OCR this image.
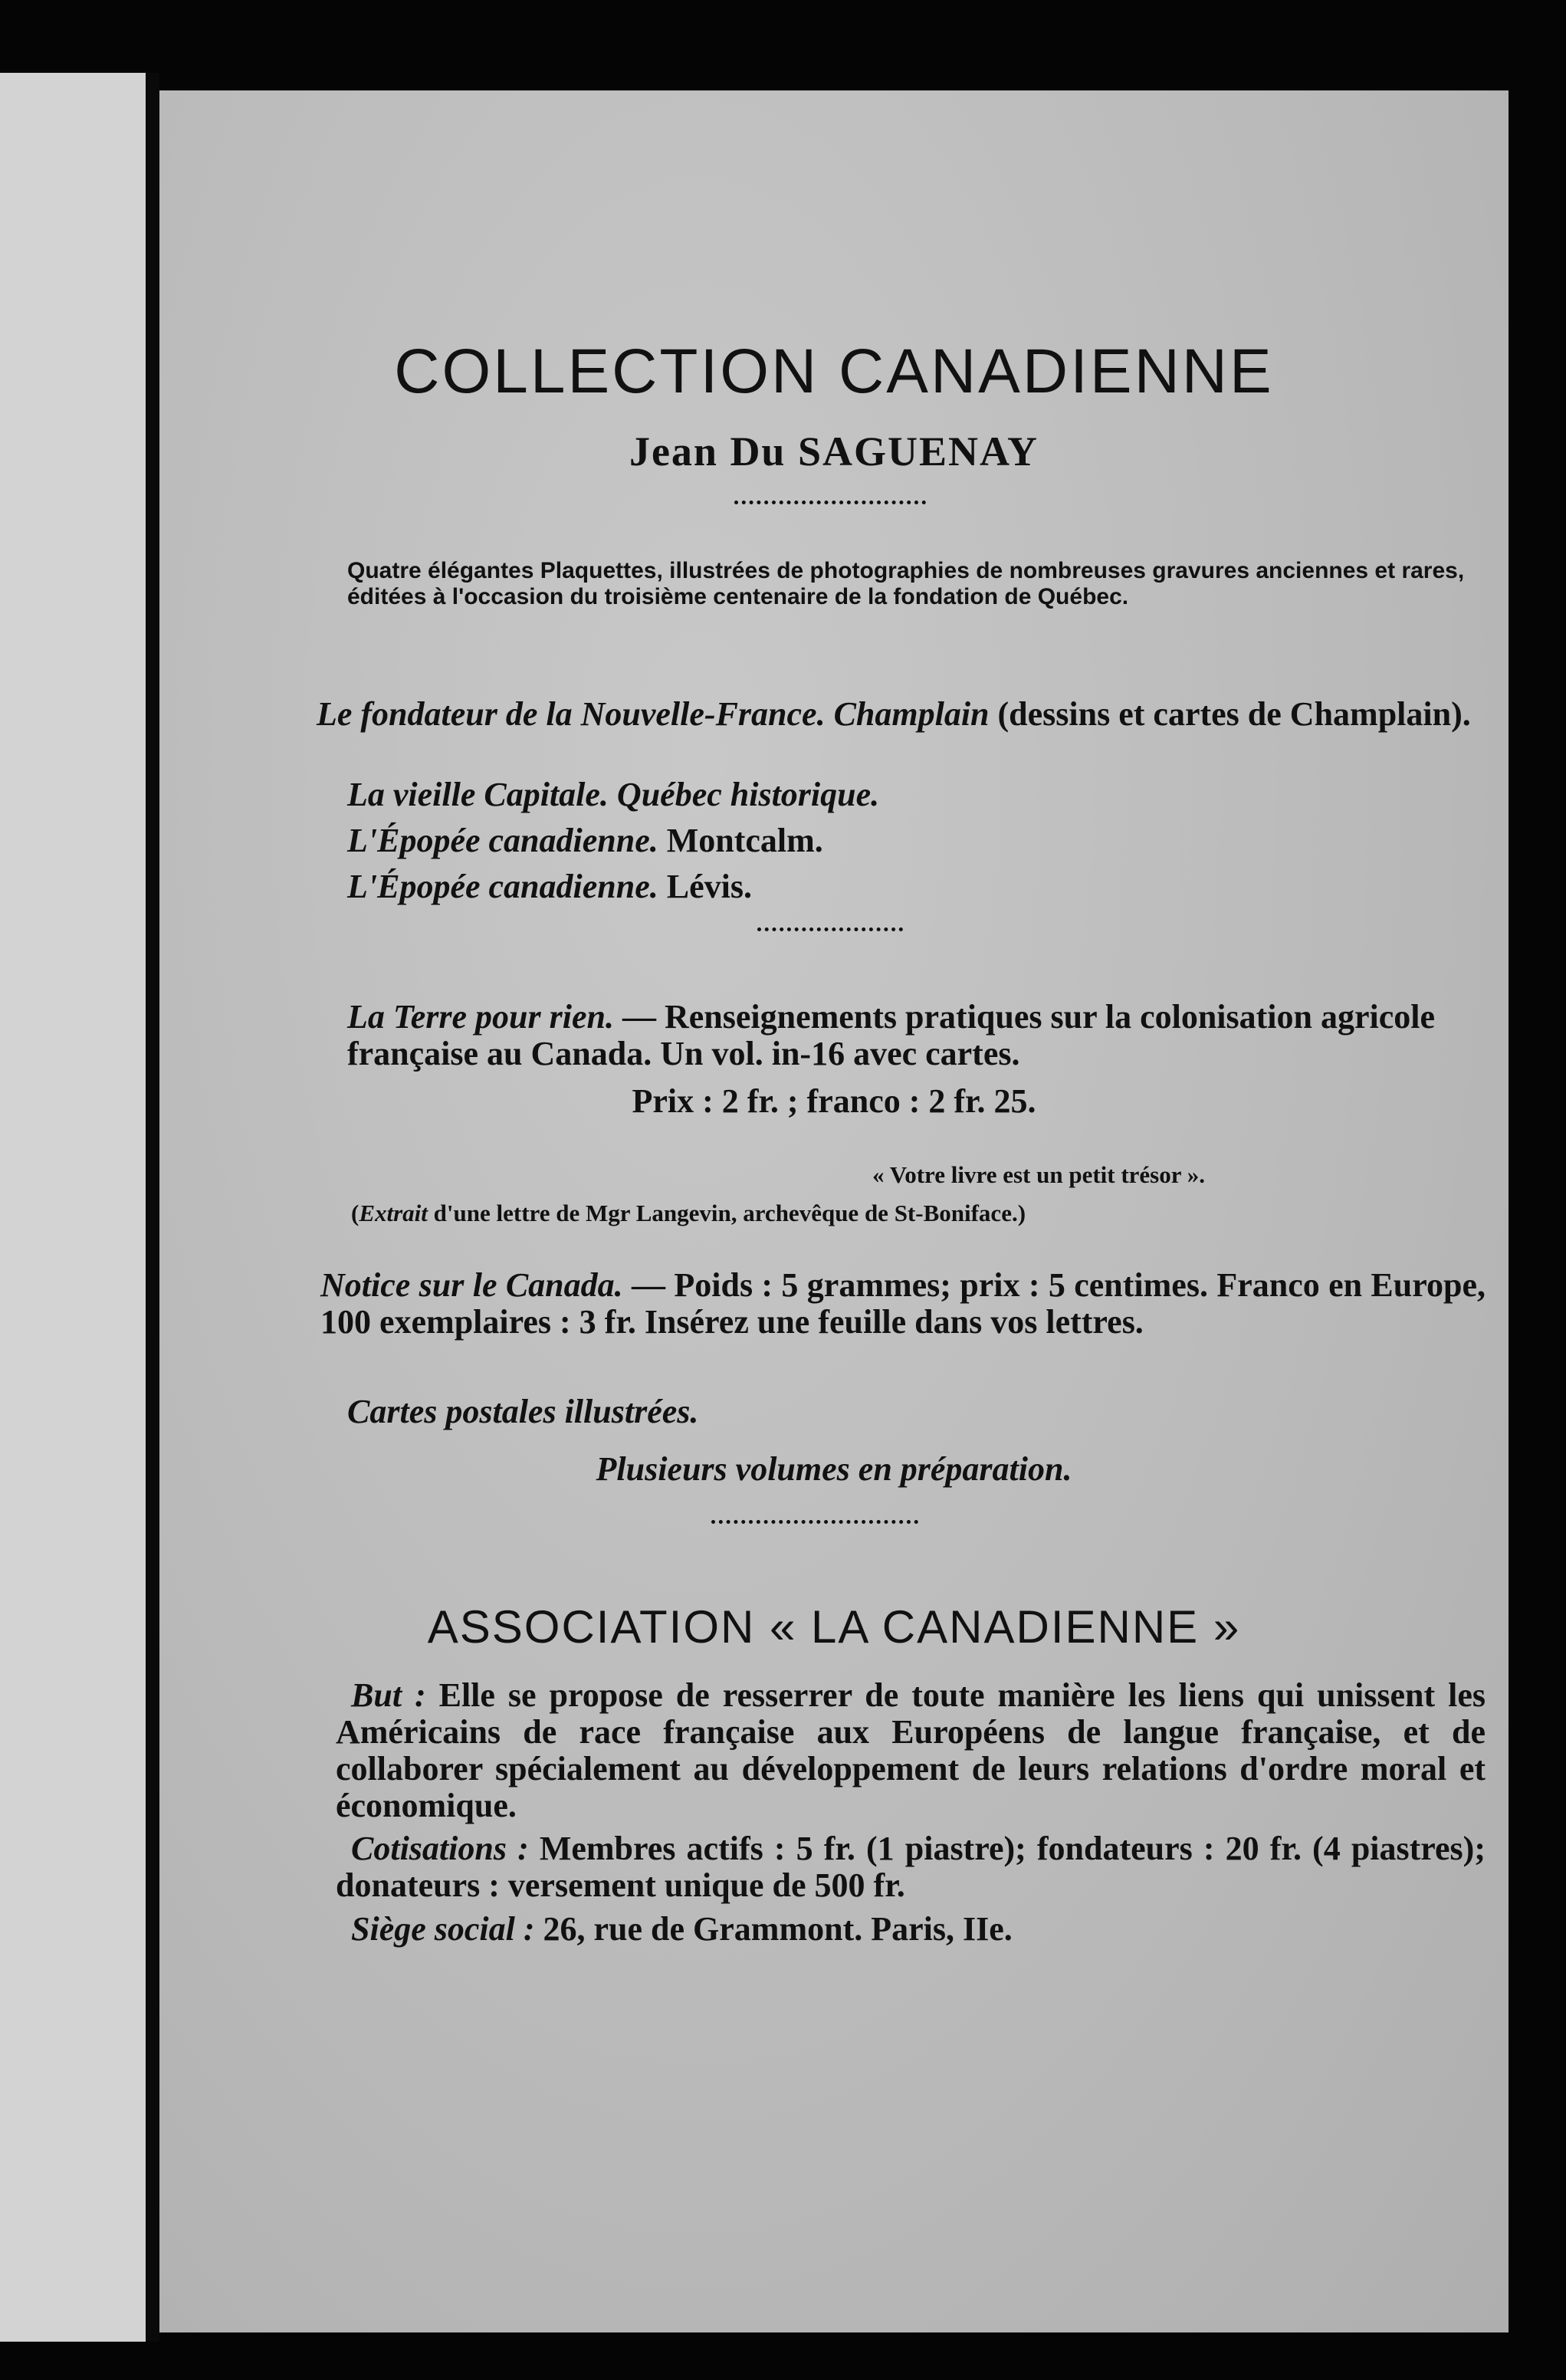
COLLECTION CANADIENNE
Jean Du SAGUENAY
Quatre élégantes Plaquettes, illustrées de photographies de nombreuses gravures anciennes et rares, éditées à l'occasion du troisième centenaire de la fondation de Québec.
Le fondateur de la Nouvelle-France. Champlain (dessins et cartes de Champlain).
La vieille Capitale. Québec historique.
L'Épopée canadienne. Montcalm.
L'Épopée canadienne. Lévis.
La Terre pour rien. — Renseignements pratiques sur la colonisation agricole française au Canada. Un vol. in-16 avec cartes.
Prix : 2 fr. ; franco : 2 fr. 25.
« Votre livre est un petit trésor ».
(Extrait d'une lettre de Mgr Langevin, archevêque de St-Boniface.)
Notice sur le Canada. — Poids : 5 grammes; prix : 5 centimes. Franco en Europe, 100 exemplaires : 3 fr. Insérez une feuille dans vos lettres.
Cartes postales illustrées.
Plusieurs volumes en préparation.
ASSOCIATION « LA CANADIENNE »
But : Elle se propose de resserrer de toute manière les liens qui unissent les Américains de race française aux Européens de langue française, et de collaborer spécialement au développement de leurs relations d'ordre moral et économique.
Cotisations : Membres actifs : 5 fr. (1 piastre); fondateurs : 20 fr. (4 piastres); donateurs : versement unique de 500 fr.
Siège social : 26, rue de Grammont. Paris, IIe.
